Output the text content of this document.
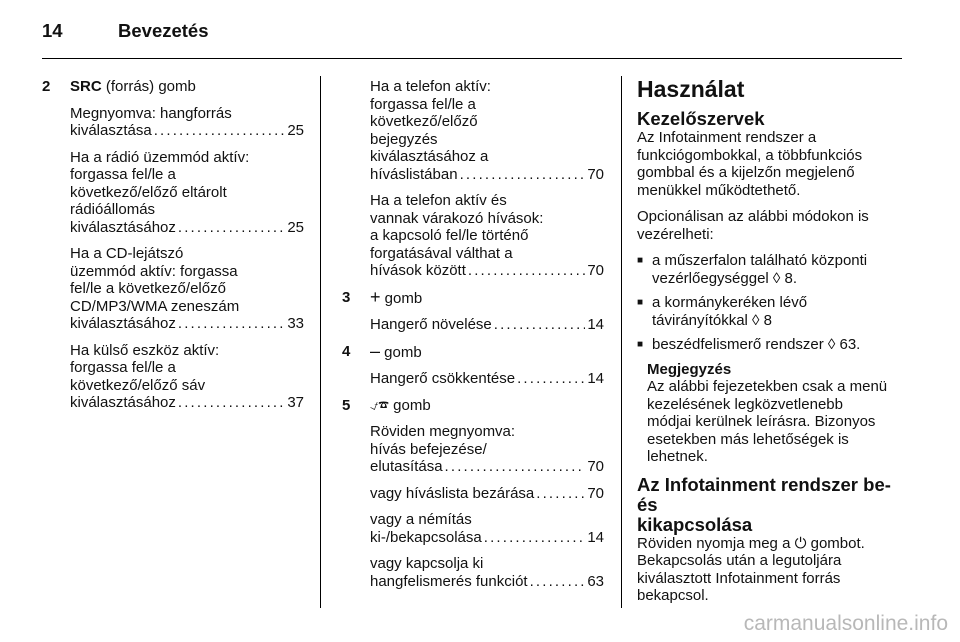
14	Bevezetés
2 SRC (forrás) gomb
Megnyomva: hangforrás
kiválasztása . . .	25
Ha a rádió üzemmód aktív:
forgassa fel/le a
következő/előző eltárolt
rádióállomás
kiválasztásához . . .	25
Ha a CD-lejátszó
üzemmód aktív: forgassa
fel/le a következő/előző
CD/MP3/WMA zeneszám
kiválasztásához . . .	33
Ha külső eszköz aktív:
forgassa fel/le a
következő/előző sáv
kiválasztásához . . .	37
Ha a telefon aktív:
forgassa fel/le a
következő/előző
bejegyzés
kiválasztásához a
híváslistában . . .	70
Ha a telefon aktív és
vannak várakozó hívások:
a kapcsoló fel/le történő
forgatásával válthat a
hívások között . . .	70
3 + gomb
Hangerő növelése . . .	14
4 – gomb
Hangerő csökkentése . . .	14
5 ⍻☎ gomb
Röviden megnyomva:
hívás befejezése/
elutasítása . . .	70
vagy híváslista bezárása . . .	70
vagy a némítás
ki-/bekapcsolása . . .	14
vagy kapcsolja ki
hangfelismerés funkciót . . .	63
Használat
Kezelőszervek
Az Infotainment rendszer a
funkciógombokkal, a többfunkciós
gombbal és a kijelzőn megjelenő
menükkel működtethető.
Opcionálisan az alábbi módokon is
vezérelheti:
■ a műszerfalon található központi
vezérlőegységgel ◊ 8.
■ a kormánykeréken lévő
távirányítókkal ◊ 8
■ beszédfelismerő rendszer ◊ 63.
Megjegyzés
Az alábbi fejezetekben csak a menü
kezelésének legközvetlenebb
módjai kerülnek leírásra. Bizonyos
esetekben más lehetőségek is
lehetnek.
Az Infotainment rendszer be- és
kikapcsolása
Röviden nyomja meg a ⏻ gombot.
Bekapcsolás után a legutoljára
kiválasztott Infotainment forrás
bekapcsol.
carmanualsonline.info
